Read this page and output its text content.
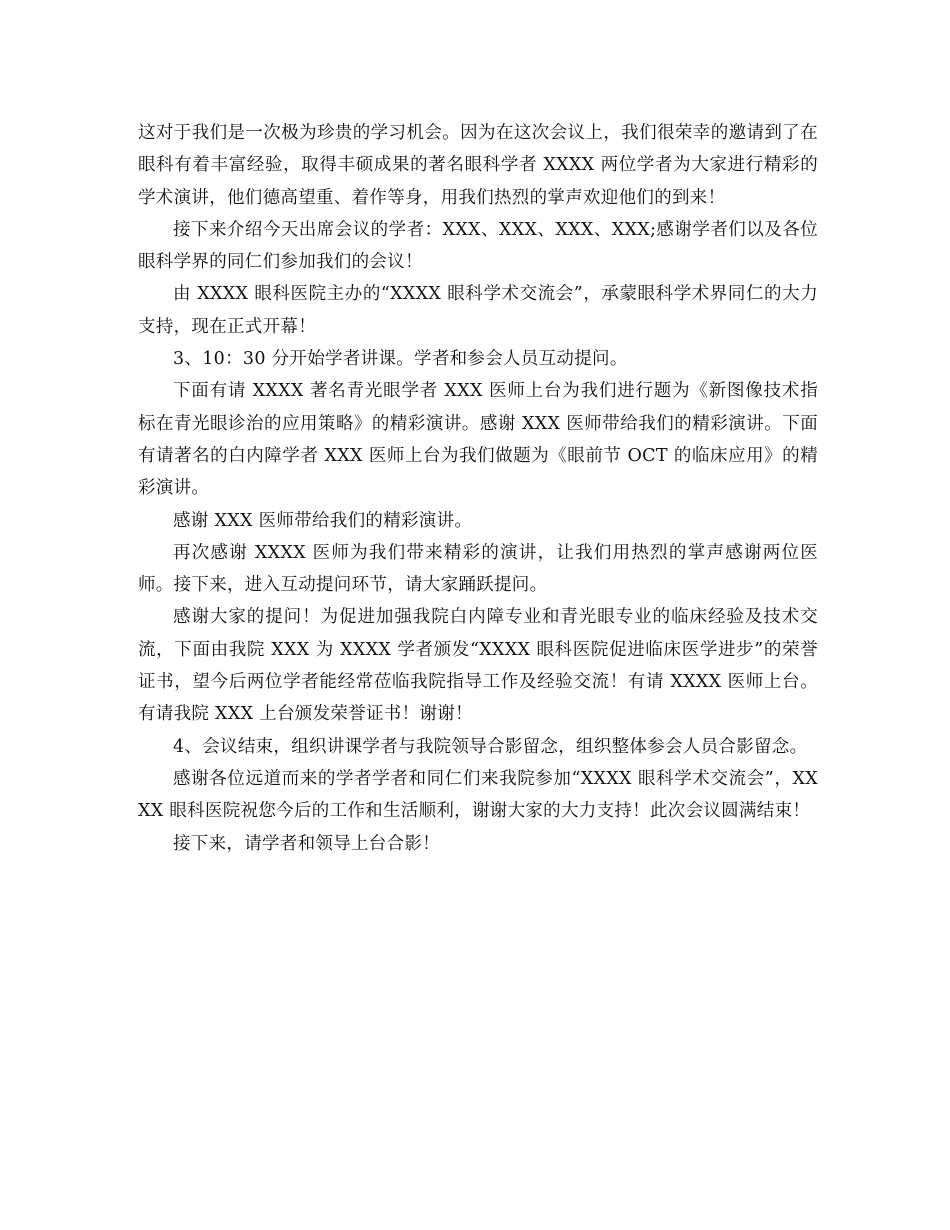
这对于我们是一次极为珍贵的学习机会。因为在这次会议上，我们很荣幸的邀请到了在眼科有着丰富经验，取得丰硕成果的著名眼科学者 XXXX 两位学者为大家进行精彩的学术演讲，他们德高望重、着作等身，用我们热烈的掌声欢迎他们的到来！

接下来介绍今天出席会议的学者：XXX、XXX、XXX、XXX;感谢学者们以及各位眼科学界的同仁们参加我们的会议！

由 XXXX 眼科医院主办的“XXXX 眼科学术交流会”，承蒙眼科学术界同仁的大力支持，现在正式开幕！

3、10：30 分开始学者讲课。学者和参会人员互动提问。

下面有请 XXXX 著名青光眼学者 XXX 医师上台为我们进行题为《新图像技术指标在青光眼诊治的应用策略》的精彩演讲。感谢 XXX 医师带给我们的精彩演讲。下面有请著名的白内障学者 XXX 医师上台为我们做题为《眼前节 OCT 的临床应用》的精彩演讲。

感谢 XXX 医师带给我们的精彩演讲。

再次感谢 XXXX 医师为我们带来精彩的演讲，让我们用热烈的掌声感谢两位医师。接下来，进入互动提问环节，请大家踊跃提问。

感谢大家的提问！为促进加强我院白内障专业和青光眼专业的临床经验及技术交流，下面由我院 XXX 为 XXXX 学者颁发“XXXX 眼科医院促进临床医学进步”的荣誉证书，望今后两位学者能经常莅临我院指导工作及经验交流！有请 XXXX 医师上台。有请我院 XXX 上台颁发荣誉证书！谢谢！

4、会议结束，组织讲课学者与我院领导合影留念，组织整体参会人员合影留念。

感谢各位远道而来的学者学者和同仁们来我院参加“XXXX 眼科学术交流会”，XXXX 眼科医院祝您今后的工作和生活顺利，谢谢大家的大力支持！此次会议圆满结束！

接下来，请学者和领导上台合影！
